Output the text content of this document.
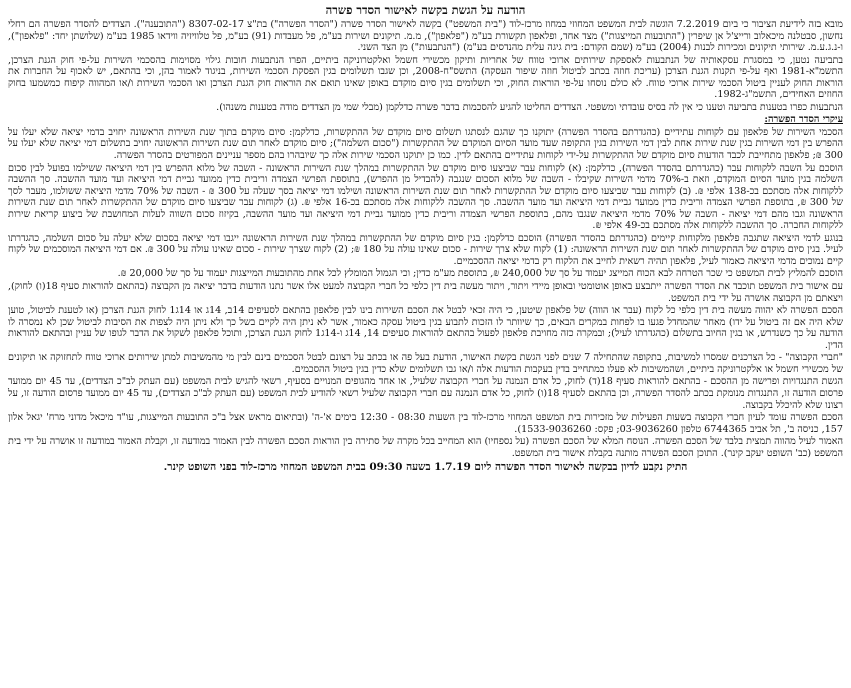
הודעה על הגשת בקשה לאישור הסדר פשרה

מובא בזה לידיעת הציבור כי ביום 7.2.2019 הוגשה לבית המשפט המחוזי במחוז מרכז-לוד ("בית המשפט") בקשה לאישור הסדר פשרה ("הסדר הפשרה") בת"צ 8307-02-17 ("התובענה"). הצדדים להסדר הפשרה הם רחלי נחשון, סבטלנה מיכאלוב ורייצ'ל אן שיפרין ("התובעות המייצגות") מצד אחד, ופלאפון תקשורת בע"מ ("פלאפון"), מ.מ. תיקונים ושירות בע"מ, פל מעבדות (91) בע"מ, פל טלוויזיה ווידאו 1985 בע"מ (שלושתן יחד: "פלאפון"), ו-נ.ג.ע.מ. שירותי תיקונים ומכירות לבנות (2004) בע"מ (שמם הקודם: בית גיגה עלית מהנדסים בע"מ) ("הנתבעות") מן הצד השני.

בתביעה נטען, כי במסגרת עסקאותיה של הנתבעות לאספקת שירותים ארוכי טווח של אחריות ותיקון מכשירי חשמל ואלקטרוניקה ביתיים, הפרו הנתבעות חובות גילוי מסוימות בהסכמי השירות על-פי חוק הגנת הצרכן, התשמ"א-1981 ואף על-פי תקנות הגנת הצרכן (עריכת חוזה בכתב לביטול חוזה שיפור העסקה) התשס"ח-2008, וכן שגבו תשלומים בגין הפסקת הסכמי השירות, בניגוד לאמור בהן, וכי בהתאם, יש לאכוף על החברות את הוראות החוק לעניין ביטול הסכמי שירות ארוכי טווח. לא כולם נוסחו על-פי הוראות החוק, וכי תשלומים בגין סיום מוקדם באופן שאינו תואם את הוראות חוק הגנת הצרכן ואו הסכמי השירות ו/או המהווה קיפוח כמשמעו בחוק החוזים האחידים, התשמ"ג-1982.

הנתבעות כפרו בטענות בתביעה וטענו כי אין לה בסיס עובדתי ומשפטי. הצדדים החליטו להגיע להסכמות בדבר פשרה כדלקמן (מבלי שמי מן הצדדים מודה בטענות משנהו).

עיקרי הסדר הפשרה:

הסכמי השירות של פלאפון עם לקוחות עתידיים (כהגדרתם בהסדר הפשרה) יתוקנו כך שהגם לנסתגו תשלום סיום מוקדם של ההתקשרות, כדלקמן: סיום מוקדם בתוך שנת השירות הראשונה יחויב בדמי יציאה שלא יעלו על ההפרש בין דמי השירות בגין שנת שירות אחת לבין דמי השירות בגין התקופה שעד מועד הסיום המוקדם של ההתקשרות ("סכום השלמה"); סיום מוקדם לאחר תום שנת השירות הראשונה יחויב בתשלום דמי יציאה שלא יעלו על 300 ₪; פלאפון מתחייבת לכבד הודעות סיום מוקדם של ההתקשרות על-ידי לקוחות עתידיים בהתאם לדין. כמו כן יתוקנו הסכמי שירות אלה כך שיובהרו בהם מספר עניינים המפורטים בהסדר הפשרה.

הוסכם על השבה ללקוחות עבר (כהגדרתם בהסדר הפשרה), כדלקמן: (א) לקוחות עבר שביצעו סיום מוקדם של ההתקשרות במהלך שנת השירות הראשונה - השבה של מלוא ההפרש בין דמי היציאה ששילמו בפועל לבין סכום השלמה בגין מועד הסיום המוקדם, וזאת ב-70% מדמי השירות שקיבלו - השבה של מלוא הסכום שנגבה (להבדיל מן ההפרש), בתוספת הפרשי הצמדה וריבית כדין ממועד גביית דמי היציאה ועד מועד ההשבה. סך ההשבה ללקוחות אלה מסתכם בכ-138 אלפי ₪. (ב) לקוחות עבר שביצעו סיום מוקדם של ההתקשרות לאחר תום שנת השירות הראשונה ושילמו דמי יציאה בסך שעלה על 300 ₪ - השבה של 70% מדמי היציאה ששולמו, מעבר לסך של 300 ₪, בתוספת הפרשי הצמדה וריבית כדין ממועד גביית דמי היציאה ועד מועד ההשבה. סך ההשבה ללקוחות אלה מסתכם בכ-16 אלפי ₪. (ג) לקוחות עבר שביצעו סיום מוקדם של ההתקשרות לאחר תום שנת השירות הראשונה וגבו מהם דמי יציאה - השבה של 70% מדמי היציאה שנגבו מהם, בתוספת הפרשי הצמדה וריבית כדין ממועד גביית דמי היציאה ועד מועד ההשבה, בקיזוז סכום השווה לעלות המחושבת של ביצוע קריאת שירות ללקוחות החברה. סך ההשבה ללקוחות אלה מסתכם בכ-49 אלפי ₪.

בנוגע לדמי היציאה שתגבה פלאפון מלקוחות קיימים (כהגדרתם בהסדר הפשרה) הוסכם כדלקמן: בגין סיום מוקדם של ההתקשרות במהלך שנת השירות הראשונה ייגבו דמי יציאה בסכום שלא יעלה על סכום השלמה, כהגדרתו לעיל. בגין סיום מוקדם של ההתקשרות לאחר תום שנת השירות הראשונה: (1) לקוח שלא צרך שירות - סכום שאינו עולה על 180 ₪; (2) לקוח שצרך שירות - סכום שאינו עולה על 300 ₪. אם דמי היציאה המוסכמים של לקוח קיים נמוכים מדמי היציאה כאמור לעיל, פלאפון תהיה רשאית לחייב את הלקוח רק בדמי יציאה ההסכמיים.

הוסכם להמליץ לבית המשפט כי שכר הטרחה לבא הכוח המייצג יעמוד על סך של 240,000 ₪, בתוספת מע"מ כדין; וכי הגמול המומלץ לכל אחת מהתובעות המייצגות יעמוד על סך של 20,000 ₪.

עם אישור בית המשפט תוכבד את הסדר הפשרה ייתבצע באופן אוטומטי ובאופן מיידי ויתור, ויתור מעשה בית דין כלפי כל חברי הקבוצה למעט אלו אשר נתנו הודעות בדבר יציאה מן הקבוצה (בהתאם להוראות סעיף 18(ו) לחוק), ויצאתם מן הקבוצה אושרה על ידי בית המשפט.

הסכם הפשרה לא יהווה מעשה בית דין כלפי כל לקוח (עבר או הווה) של פלאפון שיטען, כי היה זכאי לבטל את הסכם השירות בינו לבין פלאפון בהתאם לסעיפים 14ב, 14ג או 14ג1 לחוק הגנת הצרכן (או לטענת לביטול, טוען שלא היה אם זה ביטול על ידו) מאחר שהמחדל פגעו בו לפחות במקרים הבאים, כך שיוותר לו הזכות לתבוע בגין ביטול עסקה כאמור, אשר לא ניתן היה לקיים בשל כך ולא ניתן היה לצפות את הסיבות לביטול שכן לא נמסרה לו הודעה על כך כשנדרש, או בגין החיוב בתשלום (כהגדרתו לעיל); ובמקרה כזה מחויבת פלאפון לפעול בהתאם להוראות סעיפים 14, 14ג ו-14ג1 לחוק הגנת הצרכן, ותוכל פלאפון לשקול את הדבר לגופו של עניין ובהתאם להוראות הדין.

"חברי הקבוצה" - כל הצרכנים שמסרו למשיבות, בתקופה שהתחילה 7 שנים לפני הגשת בקשת האישור, הודעת בעל פה או בכתב על רצונם לבטל הסכמים בינם לבין מי מהמשיבות למתן שירותים ארוכי טווח לתחזוקה או תיקונים של מכשירי חשמל או אלקטרוניקה ביתיים, ושהמשיבות לא פעלו כמתחייב בדין בעקבות הודעות אלה ו/או גבו תשלומים שלא כדין בגין ביטול ההסכמים.

הגשת התנגדויות ופרישה מן ההסכם - בהתאם להוראות סעיף 18(ד) לחוק, כל אדם הנמנה על חברי הקבוצה שלעיל, או אחד מהגופים המנויים בסעיף, רשאי להגיש לבית המשפט (עם העתק לב"כ הצדדים), עד 45 יום ממועד פרסום הודעה זו, התנגדות מנומקת בכתב להסדר הפשרה, וכן בהתאם לסעיף 18(ו) לחוק, כל אדם הנמנה עם חברי הקבוצה שלעיל רשאי להודיע לבית המשפט (עם העתק לב"כ הצדדים), עד 45 יום ממועד פרסום הודעה זו, על רצונו שלא להיכלל בקבוצה.

הסכם הפשרה עומד לעיון חברי הקבוצה בשעות הפעילות של מזכירות בית המשפט המחוזי מרכז-לוד בין השעות 08:30 - 12:30 בימים א'-ה' (ובתיאום מראש אצל ב"כ התובעות המייצגות, עו"ד מיכאל מדוני מרח' יגאל אלון 157, כניסה ב', תל אביב 6744365 טלפון 03-9036260; פקס: 1533-9036260).

האמור לעיל מהווה תמצית בלבד של הסכם הפשרה. הנוסח המלא של הסכם הפשרה (על נספחיו) הוא המחייב בכל מקרה של סתירה בין הוראות הסכם הפשרה לבין האמור במודעה זו, וקבלת האמור במודעה זו אושרה על ידי בית המשפט (כב' השופט יעקב קינר). התוכן הסכם הפשרה מותנה בקבלת אישור בית המשפט.

התיק נקבע לדיון בבקשה לאישור הסדר הפשרה ליום 1.7.19 בשעה 09:30 בבית המשפט המחוזי מרכז-לוד בפני השופט קינר.
